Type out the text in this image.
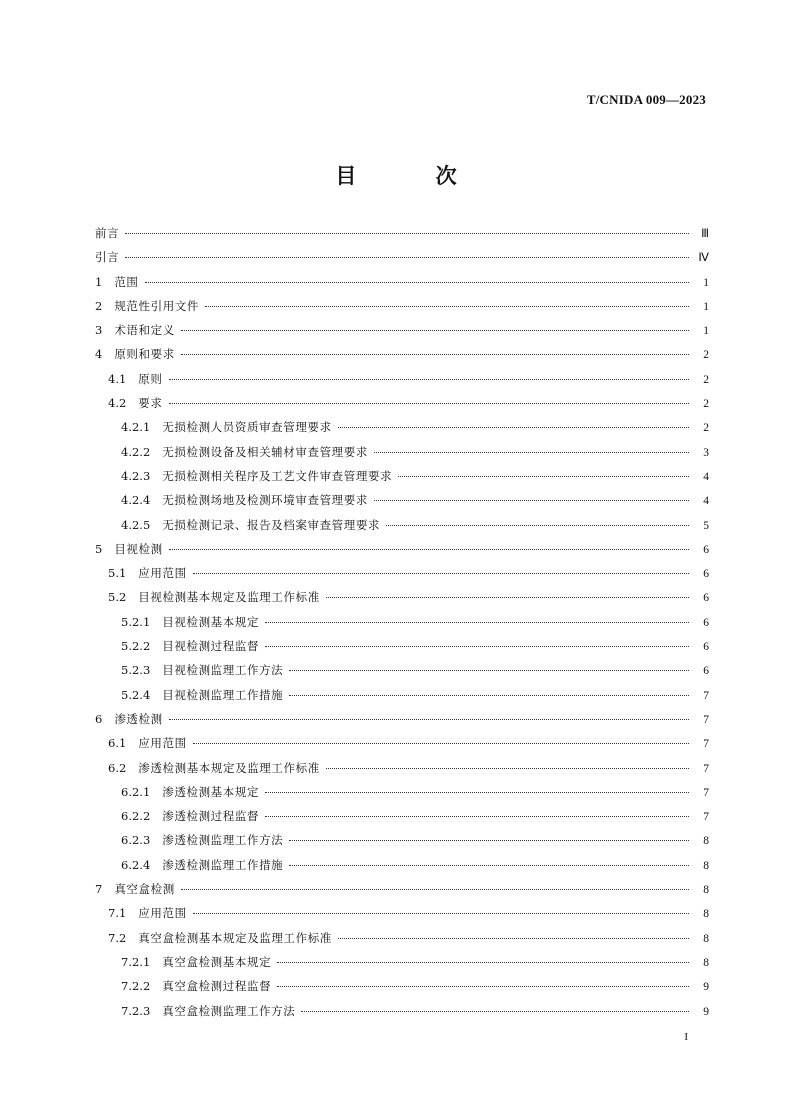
T/CNIDA 009—2023
目 次
前言	Ⅲ
引言	Ⅳ
1 范围	1
2 规范性引用文件	1
3 术语和定义	1
4 原则和要求	2
4.1 原则	2
4.2 要求	2
4.2.1 无损检测人员资质审查管理要求	2
4.2.2 无损检测设备及相关辅材审查管理要求	3
4.2.3 无损检测相关程序及工艺文件审查管理要求	4
4.2.4 无损检测场地及检测环境审查管理要求	4
4.2.5 无损检测记录、报告及档案审查管理要求	5
5 目视检测	6
5.1 应用范围	6
5.2 目视检测基本规定及监理工作标准	6
5.2.1 目视检测基本规定	6
5.2.2 目视检测过程监督	6
5.2.3 目视检测监理工作方法	6
5.2.4 目视检测监理工作措施	7
6 渗透检测	7
6.1 应用范围	7
6.2 渗透检测基本规定及监理工作标准	7
6.2.1 渗透检测基本规定	7
6.2.2 渗透检测过程监督	7
6.2.3 渗透检测监理工作方法	8
6.2.4 渗透检测监理工作措施	8
7 真空盒检测	8
7.1 应用范围	8
7.2 真空盒检测基本规定及监理工作标准	8
7.2.1 真空盒检测基本规定	8
7.2.2 真空盒检测过程监督	9
7.2.3 真空盒检测监理工作方法	9
I
